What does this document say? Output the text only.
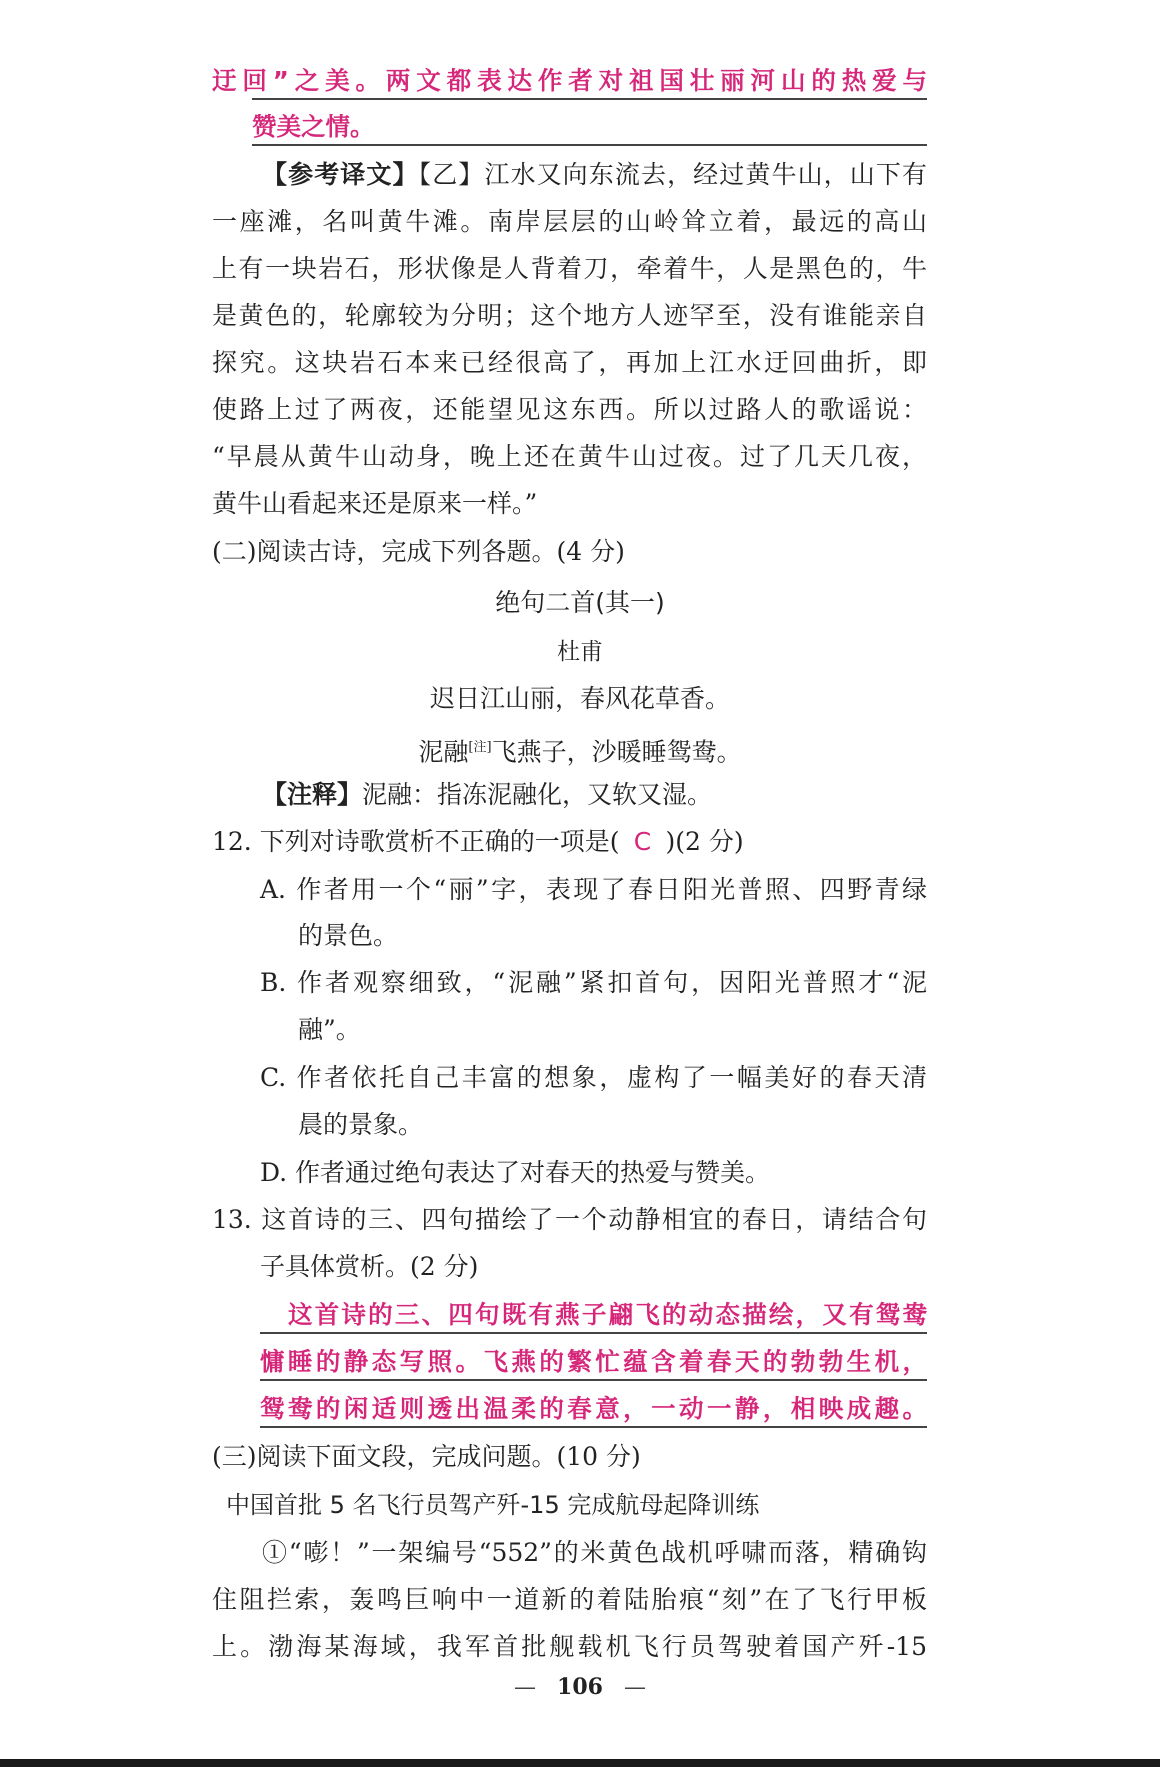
迂回”之美。两文都表达作者对祖国壮丽河山的热爱与
赞美之情。
【参考译文】【乙】江水又向东流去，经过黄牛山，山下有
一座滩，名叫黄牛滩。南岸层层的山岭耸立着，最远的高山
上有一块岩石，形状像是人背着刀，牵着牛，人是黑色的，牛
是黄色的，轮廓较为分明；这个地方人迹罕至，没有谁能亲自
探究。这块岩石本来已经很高了，再加上江水迂回曲折，即
使路上过了两夜，还能望见这东西。所以过路人的歌谣说：
“早晨从黄牛山动身，晚上还在黄牛山过夜。过了几天几夜，
黄牛山看起来还是原来一样。”
(二)阅读古诗，完成下列各题。(4 分)
绝句二首(其一)
杜甫
迟日江山丽，春风花草香。
泥融[注]飞燕子，沙暖睡鸳鸯。
【注释】泥融：指冻泥融化，又软又湿。
12. 下列对诗歌赏析不正确的一项是( C )(2 分)
A. 作者用一个“丽”字，表现了春日阳光普照、四野青绿
的景色。
B. 作者观察细致，“泥融”紧扣首句，因阳光普照才“泥
融”。
C. 作者依托自己丰富的想象，虚构了一幅美好的春天清
晨的景象。
D. 作者通过绝句表达了对春天的热爱与赞美。
13. 这首诗的三、四句描绘了一个动静相宜的春日，请结合句
子具体赏析。(2 分)
这首诗的三、四句既有燕子翩飞的动态描绘，又有鸳鸯
慵睡的静态写照。飞燕的繁忙蕴含着春天的勃勃生机，
鸳鸯的闲适则透出温柔的春意，一动一静，相映成趣。
(三)阅读下面文段，完成问题。(10 分)
中国首批 5 名飞行员驾产歼-15 完成航母起降训练
①“嘭！”一架编号“552”的米黄色战机呼啸而落，精确钩
住阻拦索，轰鸣巨响中一道新的着陆胎痕“刻”在了飞行甲板
上。渤海某海域，我军首批舰载机飞行员驾驶着国产歼-15
— 106 —
